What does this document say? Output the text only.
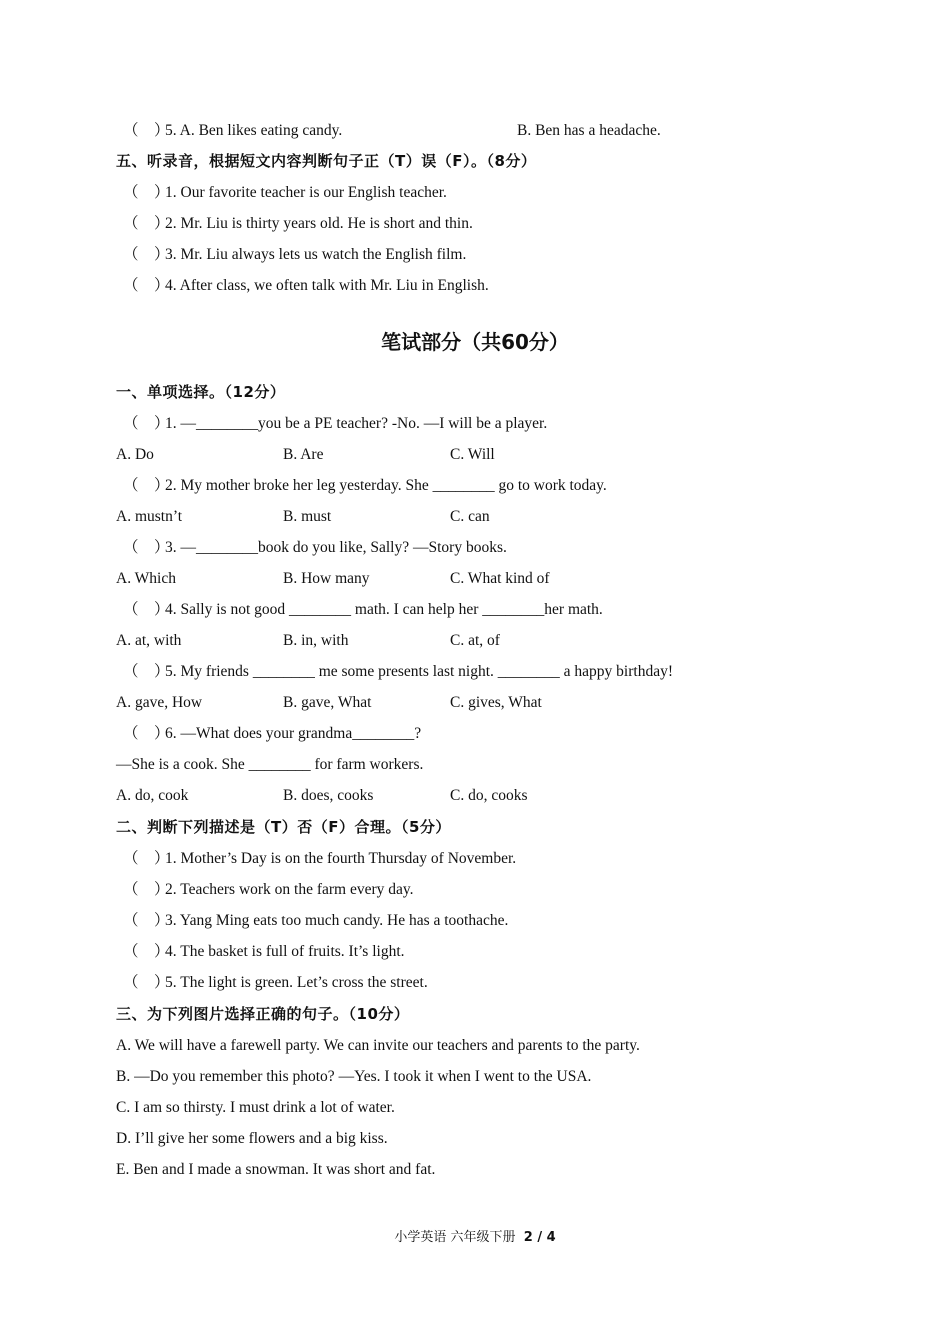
（　）5. A. Ben likes eating candy.	B. Ben has a headache.
五、听录音，根据短文内容判断句子正（T）误（F）。（8分）
（　）1. Our favorite teacher is our English teacher.
（　）2. Mr. Liu is thirty years old. He is short and thin.
（　）3. Mr. Liu always lets us watch the English film.
（　）4. After class, we often talk with Mr. Liu in English.
笔试部分（共60分）
一、单项选择。（12分）
（　）1. —________you be a PE teacher? -No. —I will be a player.
A. Do	B. Are	C. Will
（　）2. My mother broke her leg yesterday. She ________ go to work today.
A. mustn’t	B. must	C. can
（　）3. —________book do you like, Sally? —Story books.
A. Which	B. How many	C. What kind of
（　）4. Sally is not good ________ math. I can help her ________her math.
A. at, with	B. in, with	C. at, of
（　）5. My friends ________ me some presents last night. ________ a happy birthday!
A. gave, How	B. gave, What	C. gives, What
（　）6. —What does your grandma________?
—She is a cook. She ________ for farm workers.
A. do, cook	B. does, cooks	C. do, cooks
二、判断下列描述是（T）否（F）合理。（5分）
（　）1. Mother’s Day is on the fourth Thursday of November.
（　）2. Teachers work on the farm every day.
（　）3. Yang Ming eats too much candy. He has a toothache.
（　）4. The basket is full of fruits. It’s light.
（　）5. The light is green. Let’s cross the street.
三、为下列图片选择正确的句子。（10分）
A. We will have a farewell party. We can invite our teachers and parents to the party.
B. —Do you remember this photo? —Yes. I took it when I went to the USA.
C. I am so thirsty. I must drink a lot of water.
D. I’ll give her some flowers and a big kiss.
E. Ben and I made a snowman. It was short and fat.
小学英语 六年级下册 2 / 4
